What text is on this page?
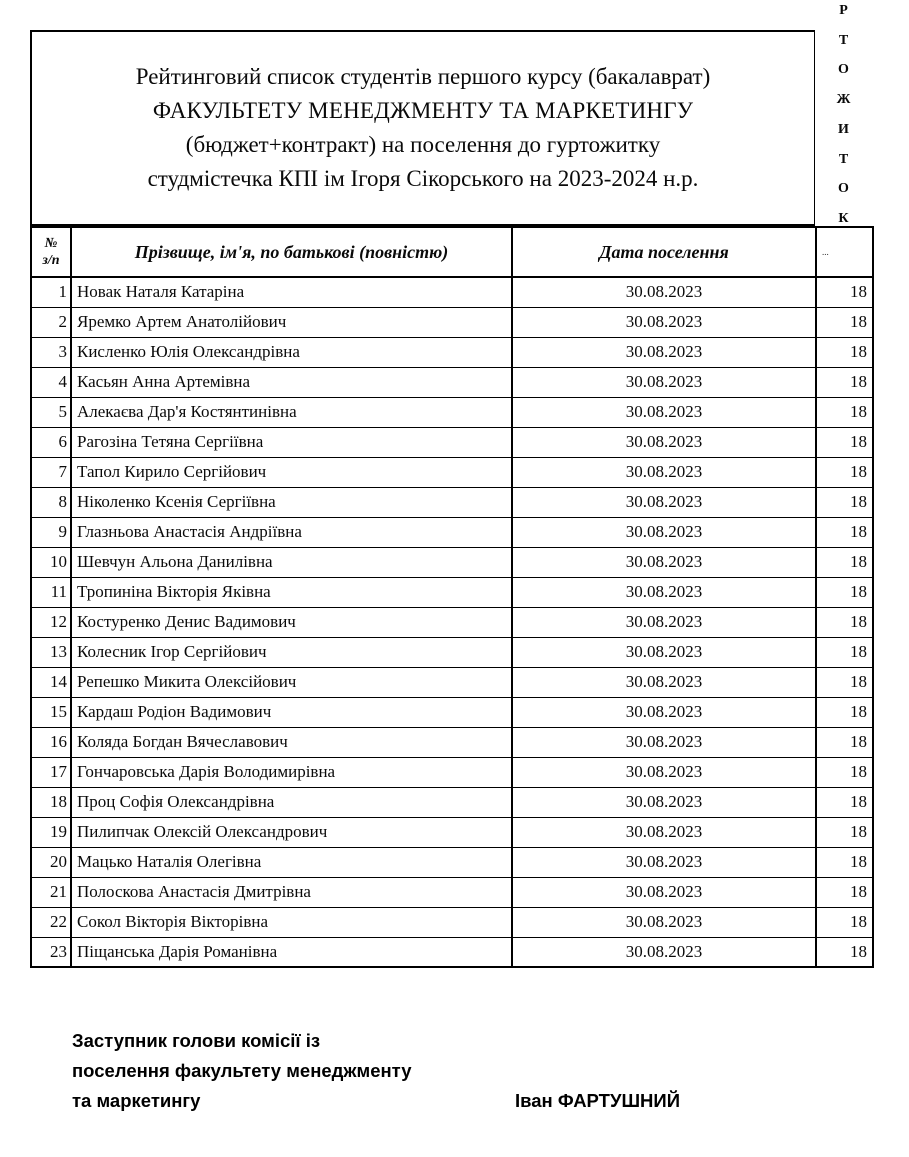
Р
Т
О
Ж
И
Т
О
К
Рейтинговий список студентів першого курсу (бакалаврат)
ФАКУЛЬТЕТУ МЕНЕДЖМЕНТУ ТА МАРКЕТИНГУ
(бюджет+контракт) на поселення до гуртожитку
студмістечка КПІ ім Ігоря Сікорського на 2023-2024 н.р.
№
з/п	Прізвище, ім'я, по батькові (повністю)	Дата поселення	...
1	Новак Наталя Катаріна	30.08.2023	18
2	Яремко Артем Анатолійович	30.08.2023	18
3	Кисленко Юлія Олександрівна	30.08.2023	18
4	Касьян Анна Артемівна	30.08.2023	18
5	Алекаєва Дар'я Костянтинівна	30.08.2023	18
6	Рагозіна Тетяна Сергіївна	30.08.2023	18
7	Тапол Кирило Сергійович	30.08.2023	18
8	Ніколенко Ксенія Сергіївна	30.08.2023	18
9	Глазньова Анастасія Андріївна	30.08.2023	18
10	Шевчун Альона Данилівна	30.08.2023	18
11	Тропиніна Вікторія Яківна	30.08.2023	18
12	Костуренко Денис Вадимович	30.08.2023	18
13	Колесник Ігор Сергійович	30.08.2023	18
14	Репешко Микита Олексійович	30.08.2023	18
15	Кардаш Родіон Вадимович	30.08.2023	18
16	Коляда Богдан Вячеславович	30.08.2023	18
17	Гончаровська Дарія Володимирівна	30.08.2023	18
18	Проц Софія Олександрівна	30.08.2023	18
19	Пилипчак Олексій Олександрович	30.08.2023	18
20	Мацько Наталія Олегівна	30.08.2023	18
21	Полоскова Анастасія Дмитрівна	30.08.2023	18
22	Сокол Вікторія Вікторівна	30.08.2023	18
23	Піщанська Дарія Романівна	30.08.2023	18
Заступник голови комісії із
поселення факультету менеджменту
та маркетингу	Іван ФАРТУШНИЙ
